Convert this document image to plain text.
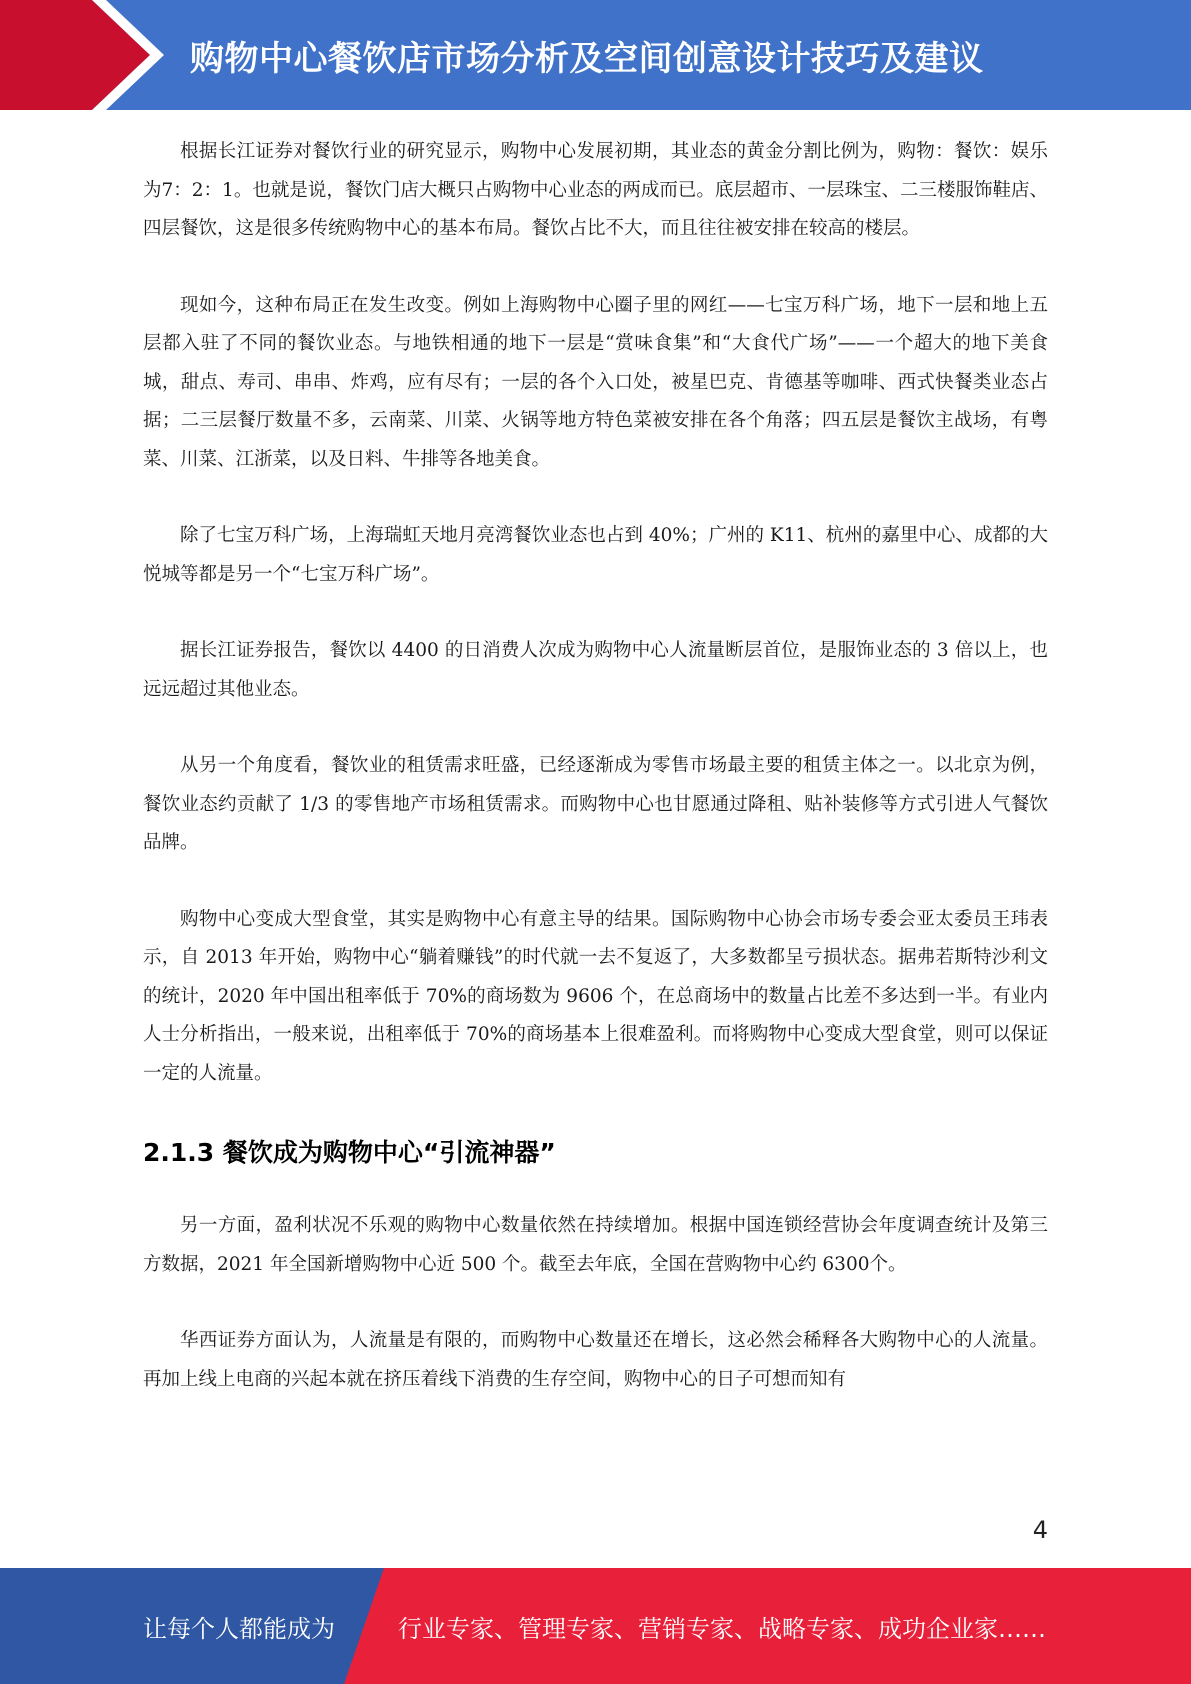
购物中心餐饮店市场分析及空间创意设计技巧及建议

根据长江证券对餐饮行业的研究显示，购物中心发展初期，其业态的黄金分割比例为，购物：餐饮：娱乐为7：2：1。也就是说，餐饮门店大概只占购物中心业态的两成而已。底层超市、一层珠宝、二三楼服饰鞋店、四层餐饮，这是很多传统购物中心的基本布局。餐饮占比不大，而且往往被安排在较高的楼层。

现如今，这种布局正在发生改变。例如上海购物中心圈子里的网红——七宝万科广场，地下一层和地上五层都入驻了不同的餐饮业态。与地铁相通的地下一层是“赏味食集”和“大食代广场”——一个超大的地下美食城，甜点、寿司、串串、炸鸡，应有尽有；一层的各个入口处，被星巴克、肯德基等咖啡、西式快餐类业态占据；二三层餐厅数量不多，云南菜、川菜、火锅等地方特色菜被安排在各个角落；四五层是餐饮主战场，有粤菜、川菜、江浙菜，以及日料、牛排等各地美食。

除了七宝万科广场，上海瑞虹天地月亮湾餐饮业态也占到 40%；广州的 K11、杭州的嘉里中心、成都的大悦城等都是另一个“七宝万科广场”。

据长江证券报告，餐饮以 4400 的日消费人次成为购物中心人流量断层首位，是服饰业态的 3 倍以上，也远远超过其他业态。

从另一个角度看，餐饮业的租赁需求旺盛，已经逐渐成为零售市场最主要的租赁主体之一。以北京为例，餐饮业态约贡献了 1/3 的零售地产市场租赁需求。而购物中心也甘愿通过降租、贴补装修等方式引进人气餐饮品牌。

购物中心变成大型食堂，其实是购物中心有意主导的结果。国际购物中心协会市场专委会亚太委员王玮表示，自 2013 年开始，购物中心“躺着赚钱”的时代就一去不复返了，大多数都呈亏损状态。据弗若斯特沙利文的统计，2020 年中国出租率低于 70%的商场数为 9606 个，在总商场中的数量占比差不多达到一半。有业内人士分析指出，一般来说，出租率低于 70%的商场基本上很难盈利。而将购物中心变成大型食堂，则可以保证一定的人流量。

2.1.3 餐饮成为购物中心“引流神器”

另一方面，盈利状况不乐观的购物中心数量依然在持续增加。根据中国连锁经营协会年度调查统计及第三方数据，2021 年全国新增购物中心近 500 个。截至去年底，全国在营购物中心约 6300个。

华西证券方面认为，人流量是有限的，而购物中心数量还在增长，这必然会稀释各大购物中心的人流量。再加上线上电商的兴起本就在挤压着线下消费的生存空间，购物中心的日子可想而知有

4
让每个人都能成为	行业专家、管理专家、营销专家、战略专家、成功企业家……
